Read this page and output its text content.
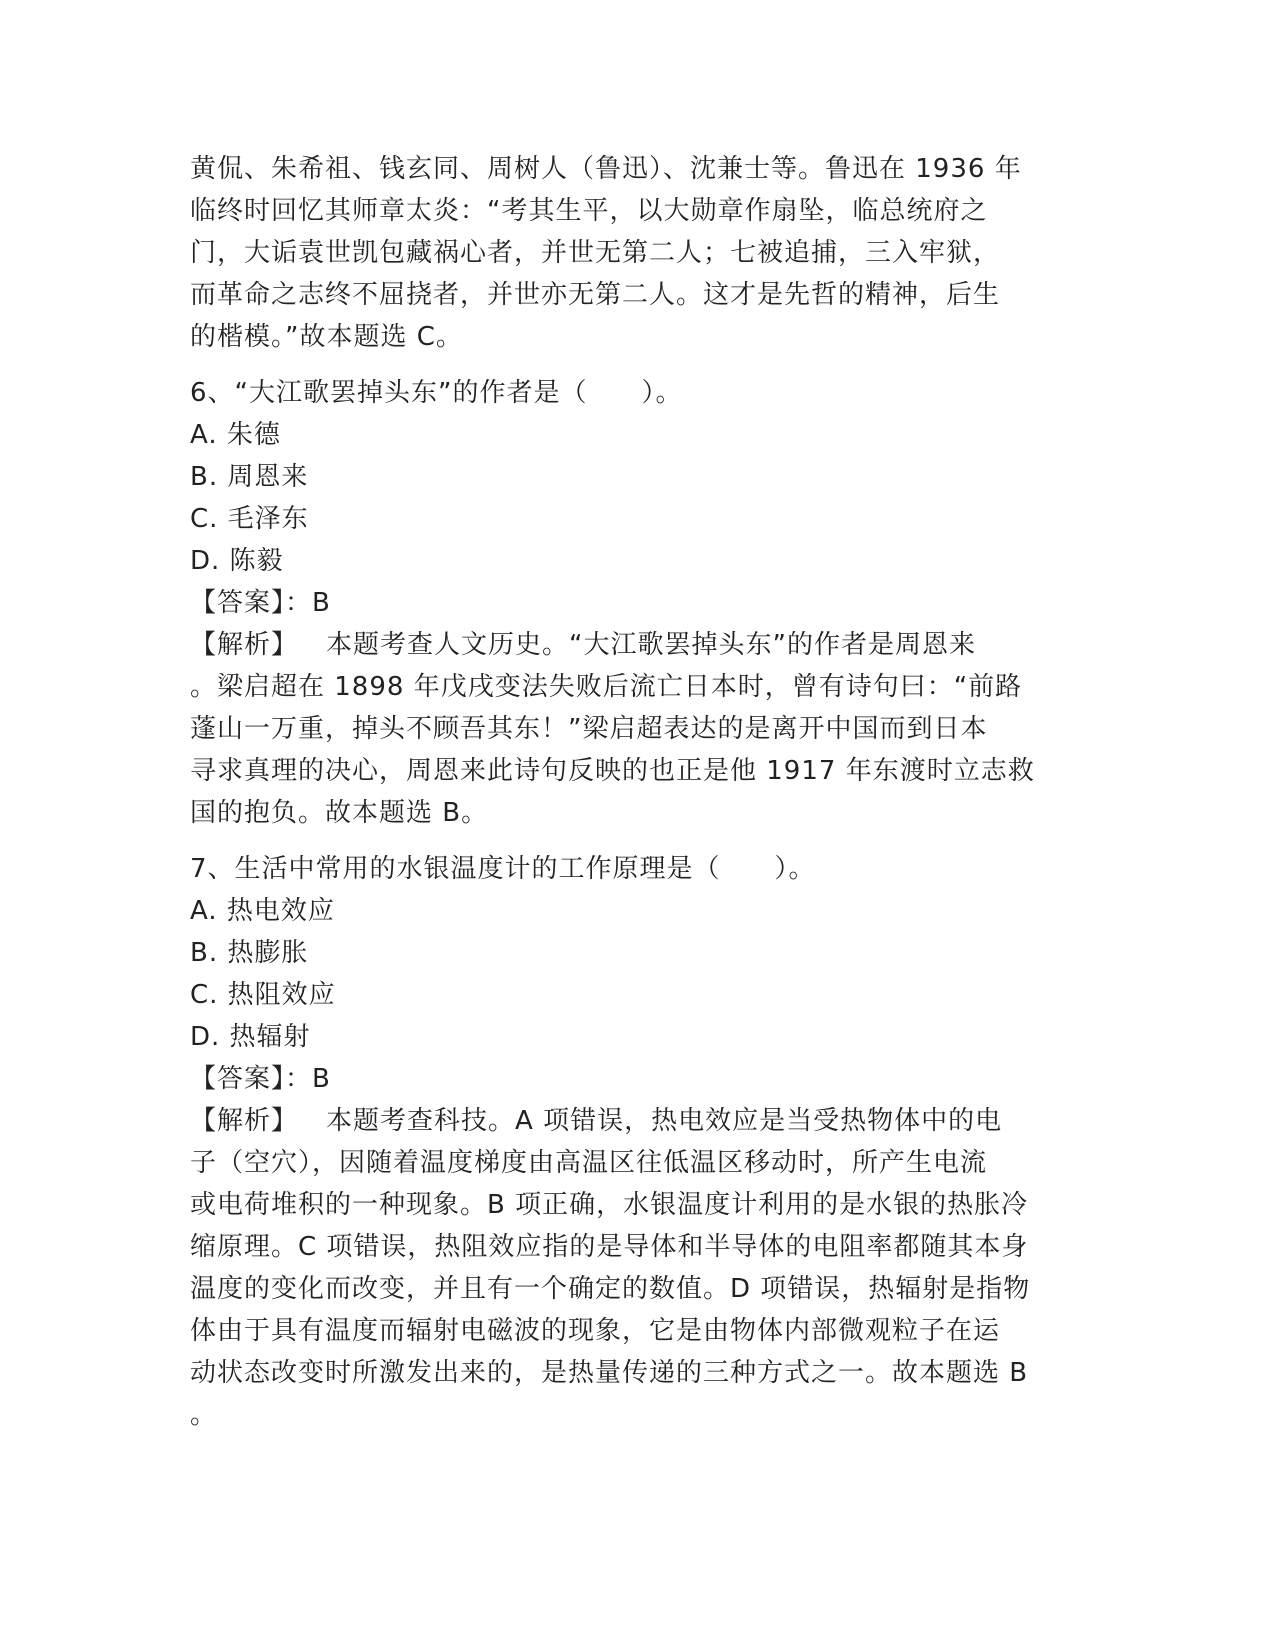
黄侃、朱希祖、钱玄同、周树人（鲁迅）、沈兼士等。鲁迅在 1936 年
临终时回忆其师章太炎：“考其生平，以大勋章作扇坠，临总统府之
门，大诟袁世凯包藏祸心者，并世无第二人；七被追捕，三入牢狱，
而革命之志终不屈挠者，并世亦无第二人。这才是先哲的精神，后生
的楷模。”故本题选 C。
6、“大江歌罢掉头东”的作者是（　　）。
A. 朱德
B. 周恩来
C. 毛泽东
D. 陈毅
【答案】：B
【解析】 本题考查人文历史。“大江歌罢掉头东”的作者是周恩来
。梁启超在 1898 年戊戌变法失败后流亡日本时，曾有诗句曰：“前路
蓬山一万重，掉头不顾吾其东！”梁启超表达的是离开中国而到日本
寻求真理的决心，周恩来此诗句反映的也正是他 1917 年东渡时立志救
国的抱负。故本题选 B。
7、生活中常用的水银温度计的工作原理是（　　）。
A. 热电效应
B. 热膨胀
C. 热阻效应
D. 热辐射
【答案】：B
【解析】 本题考查科技。A 项错误，热电效应是当受热物体中的电
子（空穴），因随着温度梯度由高温区往低温区移动时，所产生电流
或电荷堆积的一种现象。B 项正确，水银温度计利用的是水银的热胀冷
缩原理。C 项错误，热阻效应指的是导体和半导体的电阻率都随其本身
温度的变化而改变，并且有一个确定的数值。D 项错误，热辐射是指物
体由于具有温度而辐射电磁波的现象，它是由物体内部微观粒子在运
动状态改变时所激发出来的，是热量传递的三种方式之一。故本题选 B
。
